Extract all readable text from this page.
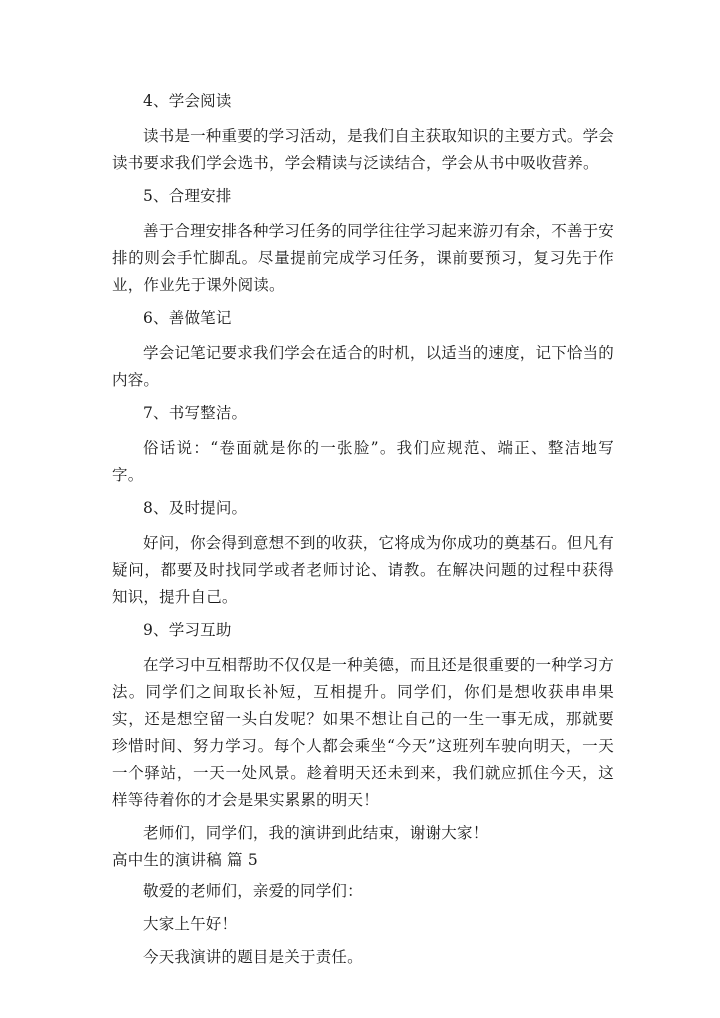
4、学会阅读

读书是一种重要的学习活动，是我们自主获取知识的主要方式。学会读书要求我们学会选书，学会精读与泛读结合，学会从书中吸收营养。

5、合理安排

善于合理安排各种学习任务的同学往往学习起来游刃有余，不善于安排的则会手忙脚乱。尽量提前完成学习任务，课前要预习，复习先于作业，作业先于课外阅读。

6、善做笔记

学会记笔记要求我们学会在适合的时机，以适当的速度，记下恰当的内容。

7、书写整洁。

俗话说：“卷面就是你的一张脸”。我们应规范、端正、整洁地写字。

8、及时提问。

好问，你会得到意想不到的收获，它将成为你成功的奠基石。但凡有疑问，都要及时找同学或者老师讨论、请教。在解决问题的过程中获得知识，提升自己。

9、学习互助

在学习中互相帮助不仅仅是一种美德，而且还是很重要的一种学习方法。同学们之间取长补短，互相提升。同学们，你们是想收获串串果实，还是想空留一头白发呢？如果不想让自己的一生一事无成，那就要珍惜时间、努力学习。每个人都会乘坐“今天”这班列车驶向明天，一天一个驿站，一天一处风景。趁着明天还未到来，我们就应抓住今天，这样等待着你的才会是果实累累的明天！

老师们，同学们，我的演讲到此结束，谢谢大家！

高中生的演讲稿 篇 5

敬爱的老师们，亲爱的同学们：

大家上午好！

今天我演讲的题目是关于责任。
